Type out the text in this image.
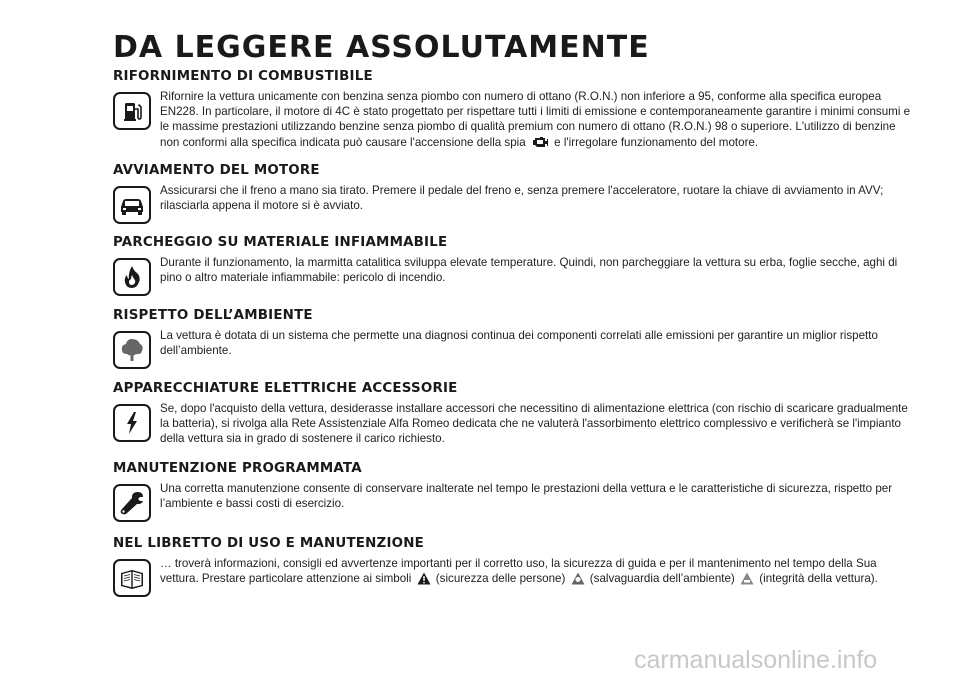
DA LEGGERE ASSOLUTAMENTE
RIFORNIMENTO DI COMBUSTIBILE
Rifornire la vettura unicamente con benzina senza piombo con numero di ottano (R.O.N.) non inferiore a 95, conforme alla specifica europea EN228. In particolare, il motore di 4C è stato progettato per rispettare tutti i limiti di emissione e contemporaneamente garantire i minimi consumi e le massime prestazioni utilizzando benzine senza piombo di qualità premium con numero di ottano (R.O.N.) 98 o superiore. L'utilizzo di benzine non conformi alla specifica indicata può causare l'accensione della spia e l'irregolare funzionamento del motore.
AVVIAMENTO DEL MOTORE
Assicurarsi che il freno a mano sia tirato. Premere il pedale del freno e, senza premere l'acceleratore, ruotare la chiave di avviamento in AVV; rilasciarla appena il motore si è avviato.
PARCHEGGIO SU MATERIALE INFIAMMABILE
Durante il funzionamento, la marmitta catalitica sviluppa elevate temperature. Quindi, non parcheggiare la vettura su erba, foglie secche, aghi di pino o altro materiale infiammabile: pericolo di incendio.
RISPETTO DELL’AMBIENTE
La vettura è dotata di un sistema che permette una diagnosi continua dei componenti correlati alle emissioni per garantire un miglior rispetto dell’ambiente.
APPARECCHIATURE ELETTRICHE ACCESSORIE
Se, dopo l'acquisto della vettura, desiderasse installare accessori che necessitino di alimentazione elettrica (con rischio di scaricare gradualmente la batteria), si rivolga alla Rete Assistenziale Alfa Romeo dedicata che ne valuterà l'assorbimento elettrico complessivo e verificherà se l'impianto della vettura sia in grado di sostenere il carico richiesto.
MANUTENZIONE PROGRAMMATA
Una corretta manutenzione consente di conservare inalterate nel tempo le prestazioni della vettura e le caratteristiche di sicurezza, rispetto per l’ambiente e bassi costi di esercizio.
NEL LIBRETTO DI USO E MANUTENZIONE
… troverà informazioni, consigli ed avvertenze importanti per il corretto uso, la sicurezza di guida e per il mantenimento nel tempo della Sua vettura. Prestare particolare attenzione ai simboli (sicurezza delle persone) (salvaguardia dell’ambiente) (integrità della vettura).
carmanualsonline.info
